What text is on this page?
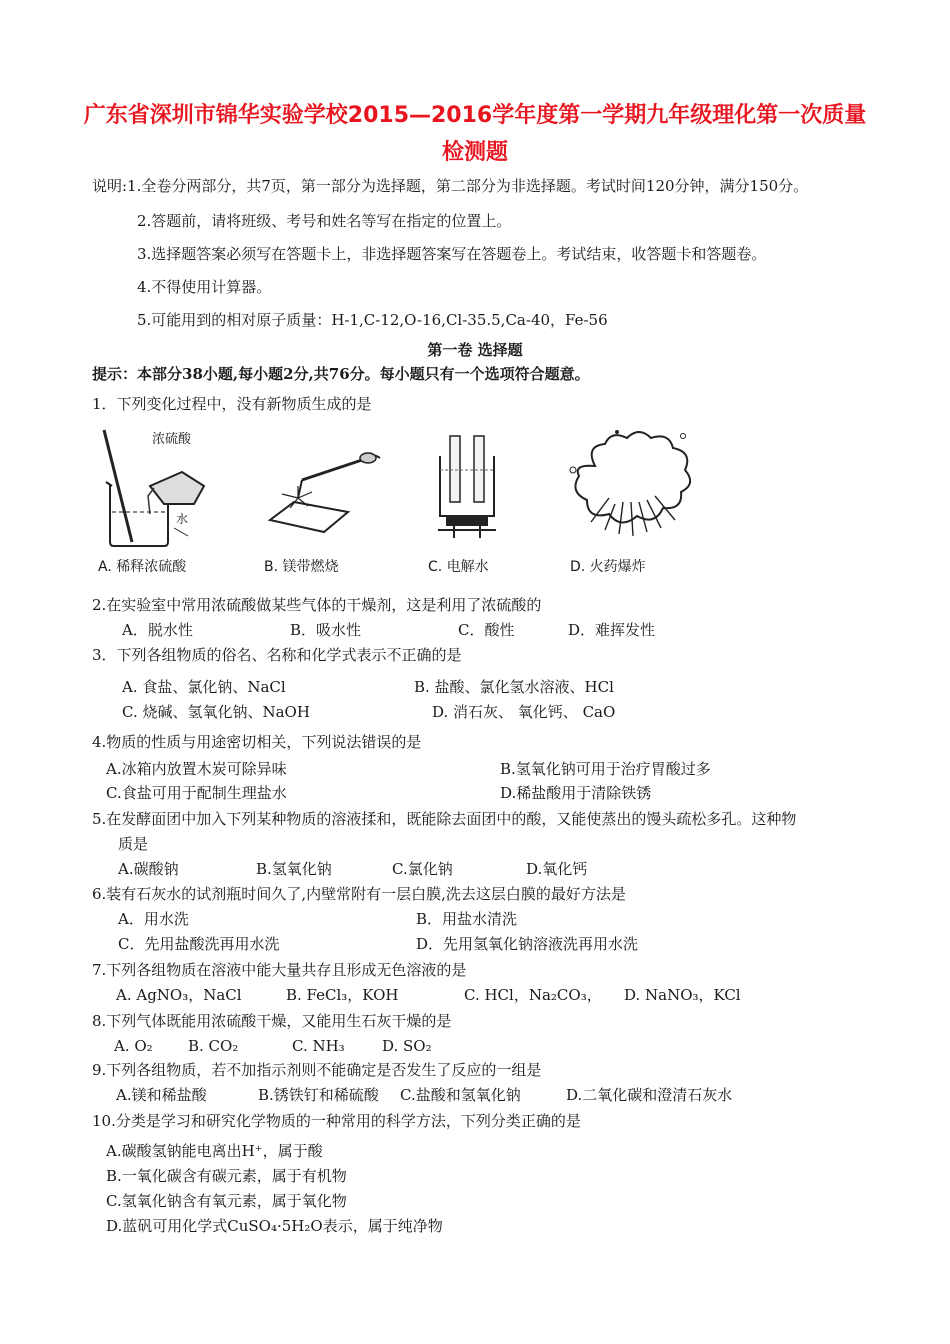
广东省深圳市锦华实验学校2015—2016学年度第一学期九年级理化第一次质量
检测题
说明:1.全卷分两部分，共7页，第一部分为选择题，第二部分为非选择题。考试时间120分钟，满分150分。
2.答题前，请将班级、考号和姓名等写在指定的位置上。
3.选择题答案必须写在答题卡上，非选择题答案写在答题卷上。考试结束，收答题卡和答题卷。
4.不得使用计算器。
5.可能用到的相对原子质量：H-1,C-12,O-16,Cl-35.5,Ca-40，Fe-56
第一卷 选择题
提示：本部分38小题,每小题2分,共76分。每小题只有一个选项符合题意。
1．下列变化过程中，没有新物质生成的是
浓硫酸
水
A. 稀释浓硫酸	B. 镁带燃烧	C. 电解水	D. 火药爆炸
2.在实验室中常用浓硫酸做某些气体的干燥剂，这是利用了浓硫酸的
A．脱水性	B．吸水性	C．酸性	D．难挥发性
3．下列各组物质的俗名、名称和化学式表示不正确的是
A. 食盐、氯化钠、NaCl	B. 盐酸、氯化氢水溶液、HCl
C. 烧碱、氢氧化钠、NaOH	D. 消石灰、 氧化钙、 CaO
4.物质的性质与用途密切相关，下列说法错误的是
A.冰箱内放置木炭可除异味	B.氢氧化钠可用于治疗胃酸过多
C.食盐可用于配制生理盐水	D.稀盐酸用于清除铁锈
5.在发酵面团中加入下列某种物质的溶液揉和，既能除去面团中的酸，又能使蒸出的馒头疏松多孔。这种物
质是
A.碳酸钠	B.氢氧化钠	C.氯化钠	D.氧化钙
6.装有石灰水的试剂瓶时间久了,内壁常附有一层白膜,洗去这层白膜的最好方法是
A．用水洗	B．用盐水清洗
C．先用盐酸洗再用水洗	D．先用氢氧化钠溶液洗再用水洗
7.下列各组物质在溶液中能大量共存且形成无色溶液的是
A. AgNO₃，NaCl	B. FeCl₃，KOH	C. HCl，Na₂CO₃， D. NaNO₃，KCl
8.下列气体既能用浓硫酸干燥，又能用生石灰干燥的是
A. O₂ B. CO₂	C. NH₃ D. SO₂
9.下列各组物质，若不加指示剂则不能确定是否发生了反应的一组是
A.镁和稀盐酸	B.锈铁钉和稀硫酸 C.盐酸和氢氧化钠	D.二氧化碳和澄清石灰水
10.分类是学习和研究化学物质的一种常用的科学方法，下列分类正确的是
A.碳酸氢钠能电离出H⁺，属于酸
B.一氧化碳含有碳元素，属于有机物
C.氢氧化钠含有氧元素，属于氧化物
D.蓝矾可用化学式CuSO₄·5H₂O表示，属于纯净物
